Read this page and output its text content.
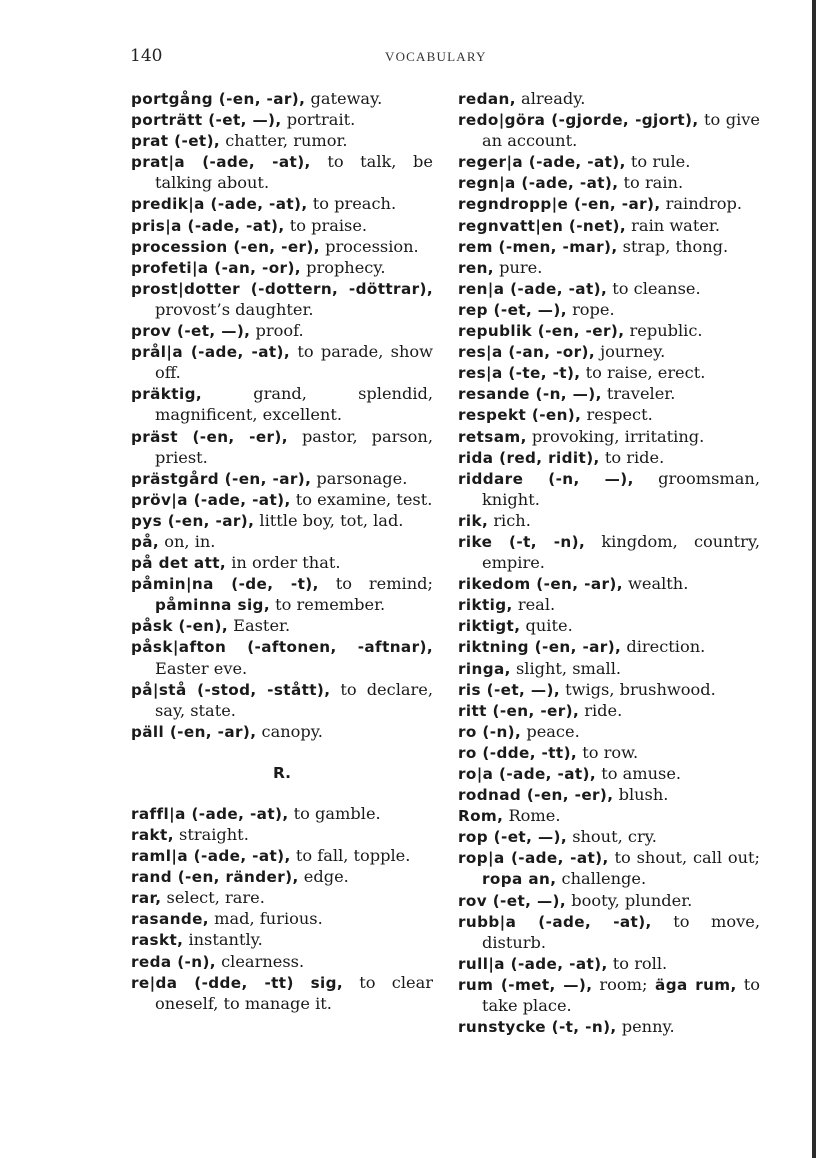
140	VOCABULARY

portgång (-en, -ar), gateway.

porträtt (-et, —), portrait.

prat (-et), chatter, rumor.

prat|a (-ade, -at), to talk, be talking about.

predik|a (-ade, -at), to preach.

pris|a (-ade, -at), to praise.

procession (-en, -er), procession.

profeti|a (-an, -or), prophecy.

prost|dotter (-dottern, -döttrar), provost’s daughter.

prov (-et, —), proof.

prål|a (-ade, -at), to parade, show off.

präktig, grand, splendid, magnificent, excellent.

präst (-en, -er), pastor, parson, priest.

prästgård (-en, -ar), parsonage.

pröv|a (-ade, -at), to examine, test.

pys (-en, -ar), little boy, tot, lad.

på, on, in.

på det att, in order that.

påmin|na (-de, -t), to remind; påminna sig, to remember.

påsk (-en), Easter.

påsk|afton (-aftonen, -aftnar), Easter eve.

på|stå (-stod, -stått), to declare, say, state.

päll (-en, -ar), canopy.

R.

raffl|a (-ade, -at), to gamble.

rakt, straight.

raml|a (-ade, -at), to fall, topple.

rand (-en, ränder), edge.

rar, select, rare.

rasande, mad, furious.

raskt, instantly.

reda (-n), clearness.

re|da (-dde, -tt) sig, to clear oneself, to manage it.

redan, already.

redo|göra (-gjorde, -gjort), to give an account.

reger|a (-ade, -at), to rule.

regn|a (-ade, -at), to rain.

regndropp|e (-en, -ar), raindrop.

regnvatt|en (-net), rain water.

rem (-men, -mar), strap, thong.

ren, pure.

ren|a (-ade, -at), to cleanse.

rep (-et, —), rope.

republik (-en, -er), republic.

res|a (-an, -or), journey.

res|a (-te, -t), to raise, erect.

resande (-n, —), traveler.

respekt (-en), respect.

retsam, provoking, irritating.

rida (red, ridit), to ride.

riddare (-n, —), groomsman, knight.

rik, rich.

rike (-t, -n), kingdom, country, empire.

rikedom (-en, -ar), wealth.

riktig, real.

riktigt, quite.

riktning (-en, -ar), direction.

ringa, slight, small.

ris (-et, —), twigs, brushwood.

ritt (-en, -er), ride.

ro (-n), peace.

ro (-dde, -tt), to row.

ro|a (-ade, -at), to amuse.

rodnad (-en, -er), blush.

Rom, Rome.

rop (-et, —), shout, cry.

rop|a (-ade, -at), to shout, call out; ropa an, challenge.

rov (-et, —), booty, plunder.

rubb|a (-ade, -at), to move, disturb.

rull|a (-ade, -at), to roll.

rum (-met, —), room; äga rum, to take place.

runstycke (-t, -n), penny.
